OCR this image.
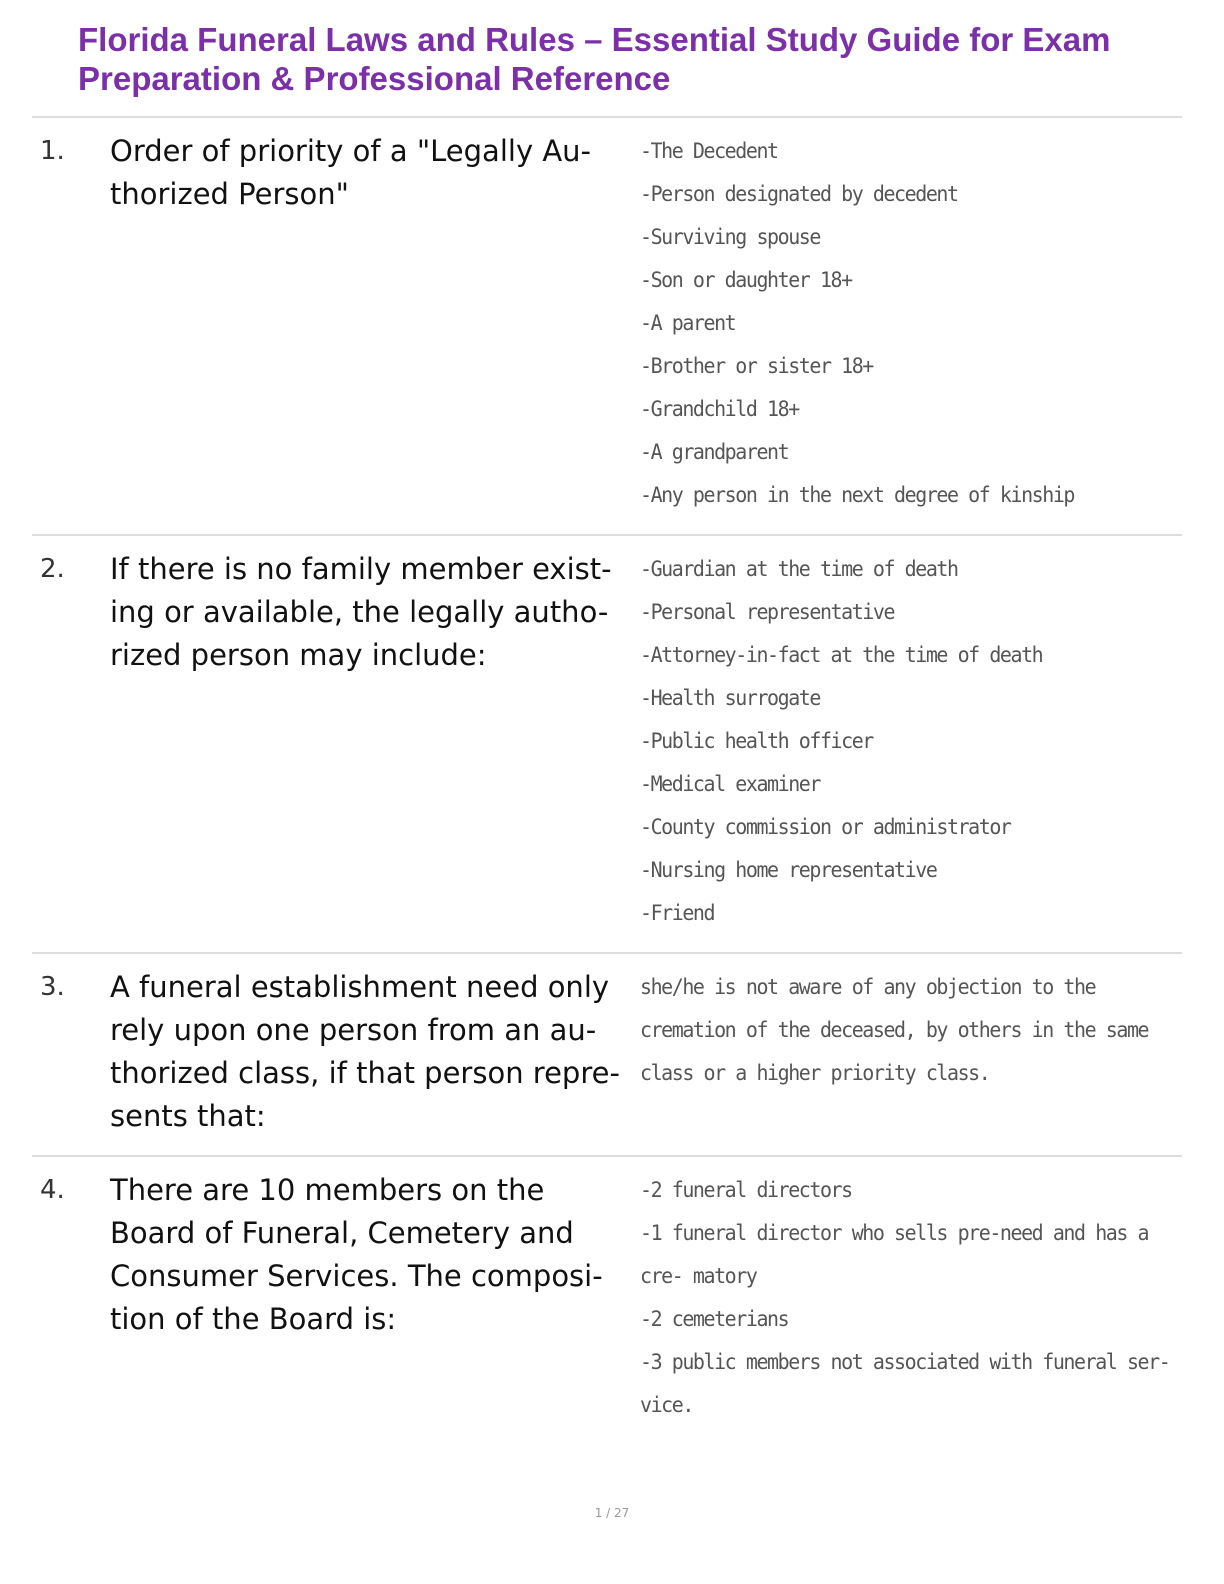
Florida Funeral Laws and Rules – Essential Study Guide for Exam Preparation & Professional Reference
1. Order of priority of a "Legally Au- thorized Person"
-The Decedent
-Person designated by decedent
-Surviving spouse
-Son or daughter 18+
-A parent
-Brother or sister 18+
-Grandchild 18+
-A grandparent
-Any person in the next degree of kinship
2. If there is no family member exist- ing or available, the legally autho- rized person may include:
-Guardian at the time of death
-Personal representative
-Attorney-in-fact at the time of death
-Health surrogate
-Public health officer
-Medical examiner
-County commission or administrator
-Nursing home representative
-Friend
3. A funeral establishment need only rely upon one person from an au- thorized class, if that person repre- sents that:
she/he is not aware of any objection to the cremation of the deceased, by others in the same class or a higher priority class.
4. There are 10 members on the Board of Funeral, Cemetery and Consumer Services. The composi- tion of the Board is:
-2 funeral directors
-1 funeral director who sells pre-need and has a cre- matory
-2 cemeterians
-3 public members not associated with funeral ser- vice.
1 / 27
